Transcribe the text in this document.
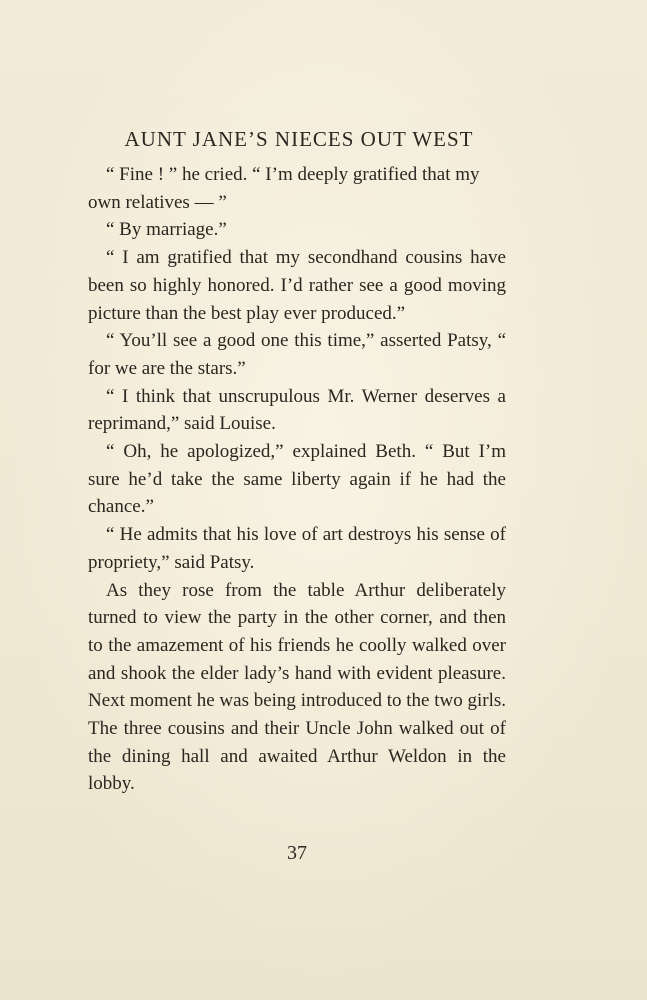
AUNT JANE’S NIECES OUT WEST

“ Fine ! ” he cried. “ I’m deeply gratified that my own relatives — ”

“ By marriage.”

“ I am gratified that my secondhand cousins have been so highly honored. I’d rather see a good moving picture than the best play ever produced.”

“ You’ll see a good one this time,” asserted Patsy, “ for we are the stars.”

“ I think that unscrupulous Mr. Werner deserves a reprimand,” said Louise.

“ Oh, he apologized,” explained Beth. “ But I’m sure he’d take the same liberty again if he had the chance.”

“ He admits that his love of art destroys his sense of propriety,” said Patsy.

As they rose from the table Arthur deliberately turned to view the party in the other corner, and then to the amazement of his friends he coolly walked over and shook the elder lady’s hand with evident pleasure. Next moment he was being introduced to the two girls. The three cousins and their Uncle John walked out of the dining hall and awaited Arthur Weldon in the lobby.

37
